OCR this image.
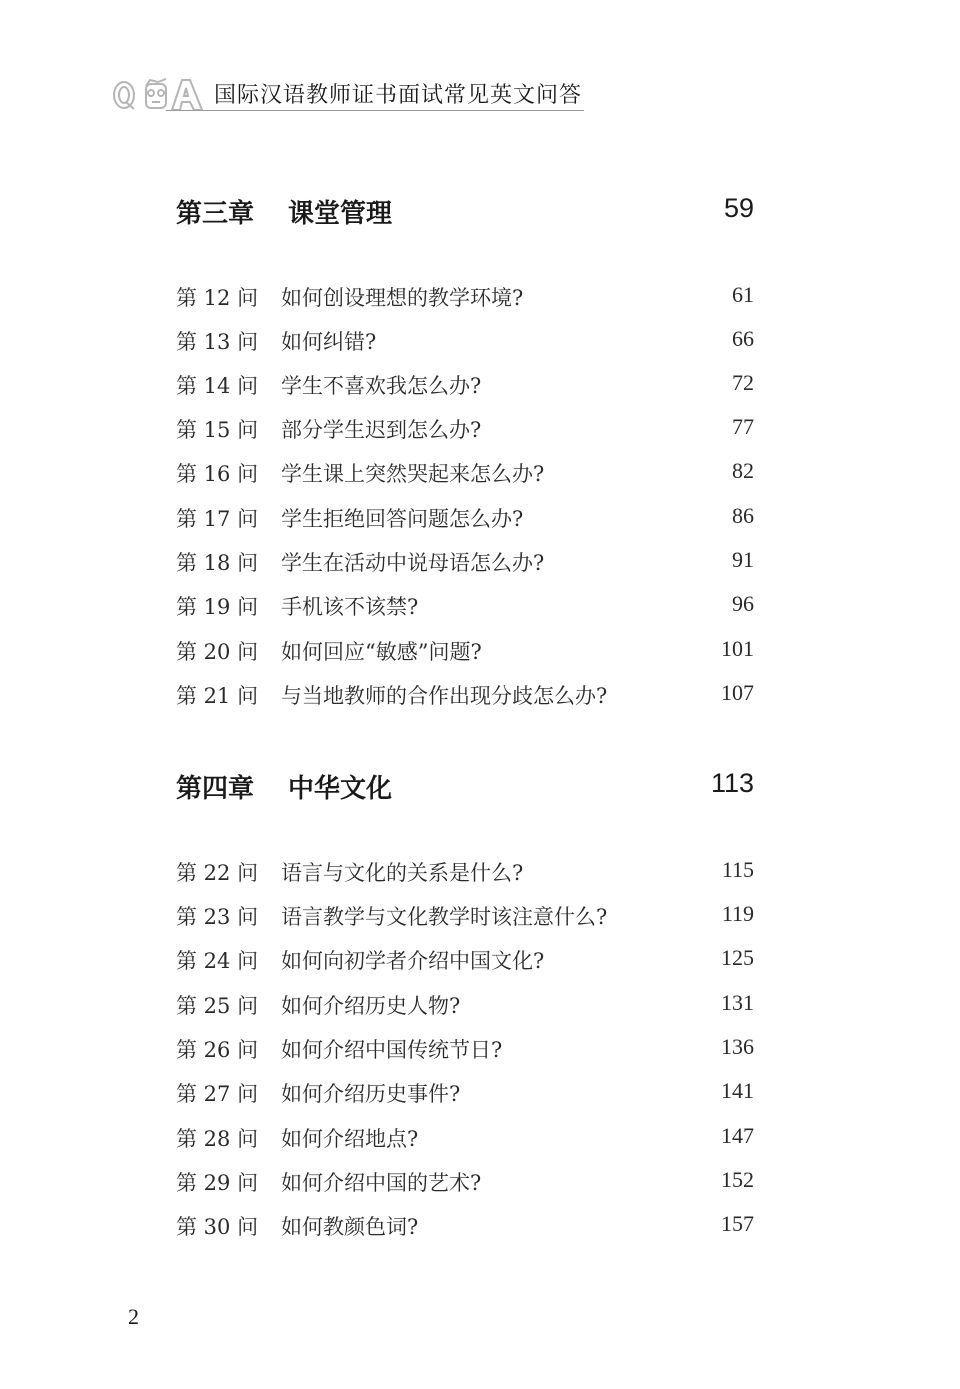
国际汉语教师证书面试常见英文问答
第三章 课堂管理	59
第 12 问 如何创设理想的教学环境?	61
第 13 问 如何纠错?	66
第 14 问 学生不喜欢我怎么办?	72
第 15 问 部分学生迟到怎么办?	77
第 16 问 学生课上突然哭起来怎么办?	82
第 17 问 学生拒绝回答问题怎么办?	86
第 18 问 学生在活动中说母语怎么办?	91
第 19 问 手机该不该禁?	96
第 20 问 如何回应“敏感”问题?	101
第 21 问 与当地教师的合作出现分歧怎么办?	107
第四章 中华文化	113
第 22 问 语言与文化的关系是什么?	115
第 23 问 语言教学与文化教学时该注意什么?	119
第 24 问 如何向初学者介绍中国文化?	125
第 25 问 如何介绍历史人物?	131
第 26 问 如何介绍中国传统节日?	136
第 27 问 如何介绍历史事件?	141
第 28 问 如何介绍地点?	147
第 29 问 如何介绍中国的艺术?	152
第 30 问 如何教颜色词?	157
2
